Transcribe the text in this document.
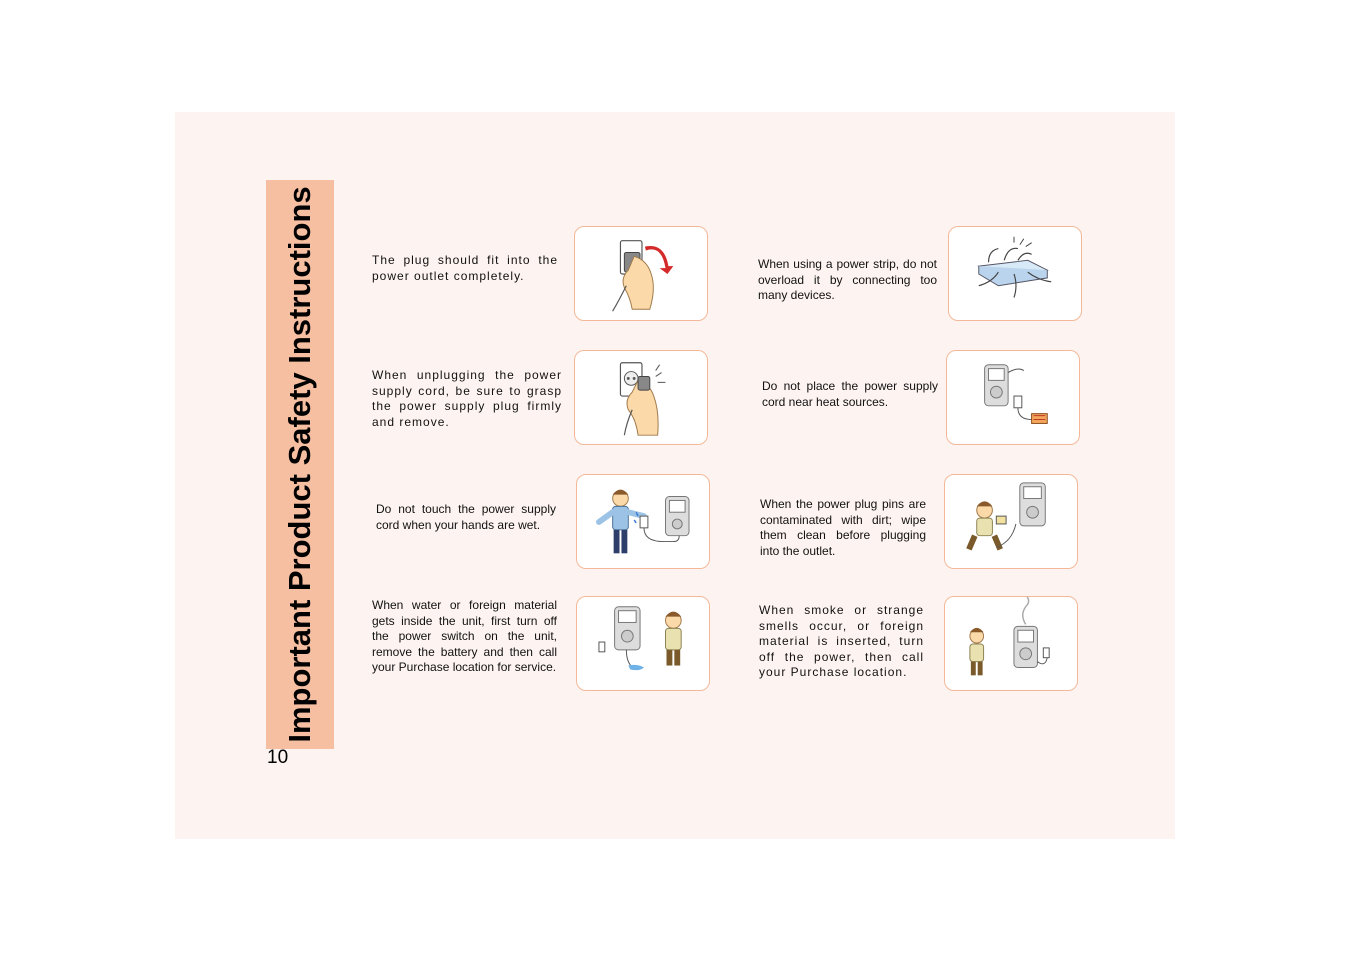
Important Product Safety Instructions
10
The plug should fit into the power outlet completely.
When unplugging the power supply cord, be sure to grasp the power supply plug firmly and remove.
Do not touch the power supply cord when your hands are wet.
When water or foreign material gets inside the unit, first turn off the power switch on the unit, remove the battery and then call your Purchase location for service.
When using a power strip, do not overload it by connecting too many devices.
Do not place the power supply cord near heat sources.
When the power plug pins are contaminated with dirt; wipe them clean before plugging into the outlet.
When smoke or strange smells occur, or foreign material is inserted, turn off the power, then call your Purchase location.
